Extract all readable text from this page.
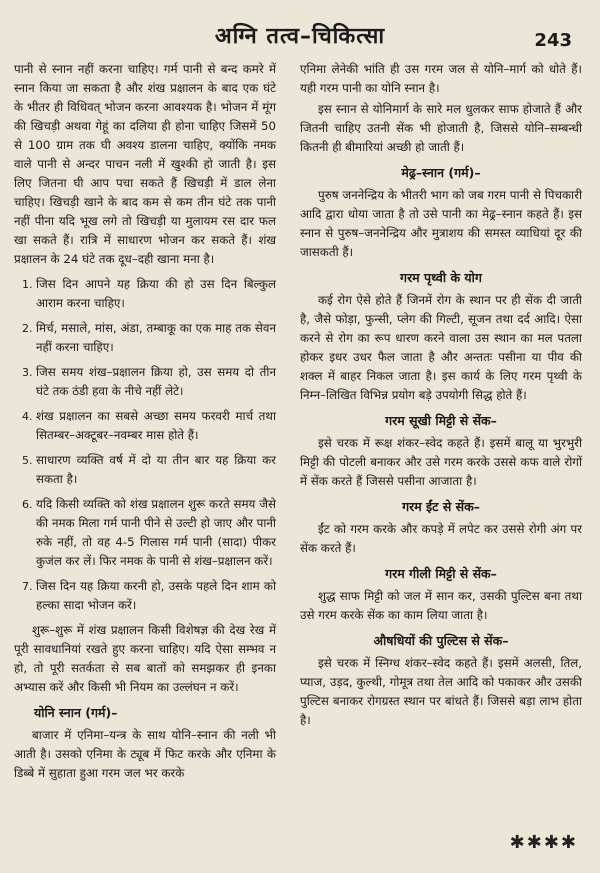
अग्नि तत्व–चिकित्सा	243

पानी से स्नान नहीं करना चाहिए। गर्म पानी से बन्द कमरे में स्नान किया जा सकता है और शंख प्रक्षालन के बाद एक घंटे के भीतर ही विधिवत् भोजन करना आवश्यक है। भोजन में मूंग की खिचड़ी अथवा गेहूं का दलिया ही होना चाहिए जिसमें 50 से 100 ग्राम तक घी अवश्य डालना चाहिए, क्योंकि नमक वाले पानी से अन्दर पाचन नली में खुश्की हो जाती है। इस लिए जितना घी आप पचा सकते हैं खिचड़ी में डाल लेना चाहिए। खिचड़ी खाने के बाद कम से कम तीन घंटे तक पानी नहीं पीना यदि भूख लगे तो खिचड़ी या मुलायम रस दार फल खा सकते हैं। रात्रि में साधारण भोजन कर सकते हैं। शंख प्रक्षालन के 24 घंटे तक दूध–दही खाना मना है।

1. जिस दिन आपने यह क्रिया की हो उस दिन बिल्कुल आराम करना चाहिए।
2. मिर्च, मसाले, मांस, अंडा, तम्बाकू का एक माह तक सेवन नहीं करना चाहिए।
3. जिस समय शंख–प्रक्षालन क्रिया हो, उस समय दो तीन घंटे तक ठंडी हवा के नीचे नहीं लेटे।
4. शंख प्रक्षालन का सबसे अच्छा समय फरवरी मार्च तथा सितम्बर–अक्टूबर–नवम्बर मास होते हैं।
5. साधारण व्यक्ति वर्ष में दो या तीन बार यह क्रिया कर सकता है।
6. यदि किसी व्यक्ति को शंख प्रक्षालन शुरू करते समय जैसे की नमक मिला गर्म पानी पीने से उल्टी हो जाए और पानी रुके नहीं, तो वह 4-5 गिलास गर्म पानी (सादा) पीकर कुजंल कर लें। फिर नमक के पानी से शंख–प्रक्षालन करें।
7. जिस दिन यह क्रिया करनी हो, उसके पहले दिन शाम को हल्का सादा भोजन करें।

शुरू–शुरू में शंख प्रक्षालन किसी विशेषज्ञ की देख रेख में पूरी सावधानियां रखते हुए करना चाहिए। यदि ऐसा सम्भव न हो, तो पूरी सतर्कता से सब बातों को समझकर ही इनका अभ्यास करें और किसी भी नियम का उल्लंघन न करें।

योनि स्नान (गर्म)–

बाजार में एनिमा–यन्त्र के साथ योनि–स्नान की नली भी आती है। उसको एनिमा के ट्यूब में फिट करके और एनिमा के डिब्बे में सुहाता हुआ गरम जल भर करके

एनिमा लेनेकी भांति ही उस गरम जल से योनि–मार्ग को धोते हैं। यही गरम पानी का योनि स्नान है।

इस स्नान से योनिमार्ग के सारे मल धुलकर साफ होजाते हैं और जितनी चाहिए उतनी सेंक भी होजाती है, जिससे योनि–सम्बन्धी कितनी ही बीमारियां अच्छी हो जाती हैं।

मेढ्र–स्नान (गर्म)–

पुरुष जननेन्द्रिय के भीतरी भाग को जब गरम पानी से पिचकारी आदि द्वारा धोया जाता है तो उसे पानी का मेढ्र–स्नान कहते हैं। इस स्नान से पुरुष–जननेन्द्रिय और मुत्राशय की समस्त व्याधियां दूर की जासकती हैं।

गरम पृथ्वी के योग

कई रोग ऐसे होते हैं जिनमें रोग के स्थान पर ही सेंक दी जाती है, जैसे फोड़ा, फुन्सी, प्लेग की गिल्टी, सूजन तथा दर्द आदि। ऐसा करने से रोग का रूप धारण करने वाला उस स्थान का मल पतला होकर इधर उधर फैल जाता है और अन्ततः पसीना या पीव की शक्ल में बाहर निकल जाता है। इस कार्य के लिए गरम पृथ्वी के निम्न–लिखित विभिन्न प्रयोग बड़े उपयोगी सिद्ध होते हैं।

गरम सूखी मिट्टी से सेंक–

इसे चरक में रूक्ष शंकर–स्वेद कहते हैं। इसमें बालू या भुरभुरी मिट्टी की पोटली बनाकर और उसे गरम करके उससे कफ वाले रोगों में सेंक करते हैं जिससे पसीना आजाता है।

गरम ईंट से सेंक–

ईंट को गरम करके और कपड़े में लपेट कर उससे रोगी अंग पर सेंक करते हैं।

गरम गीली मिट्टी से सेंक–

शुद्ध साफ मिट्टी को जल में सान कर, उसकी पुल्टिस बना तथा उसे गरम करके सेंक का काम लिया जाता है।

औषधियों की पुल्टिस से सेंक–

इसे चरक में स्निग्ध शंकर–स्वेद कहते हैं। इसमें अलसी, तिल, प्याज, उड़द, कुल्थी, गोमूत्र तथा तेल आदि को पकाकर और उसकी पुल्टिस बनाकर रोगग्रस्त स्थान पर बांधते हैं। जिससे बड़ा लाभ होता है।

✱✱✱✱
